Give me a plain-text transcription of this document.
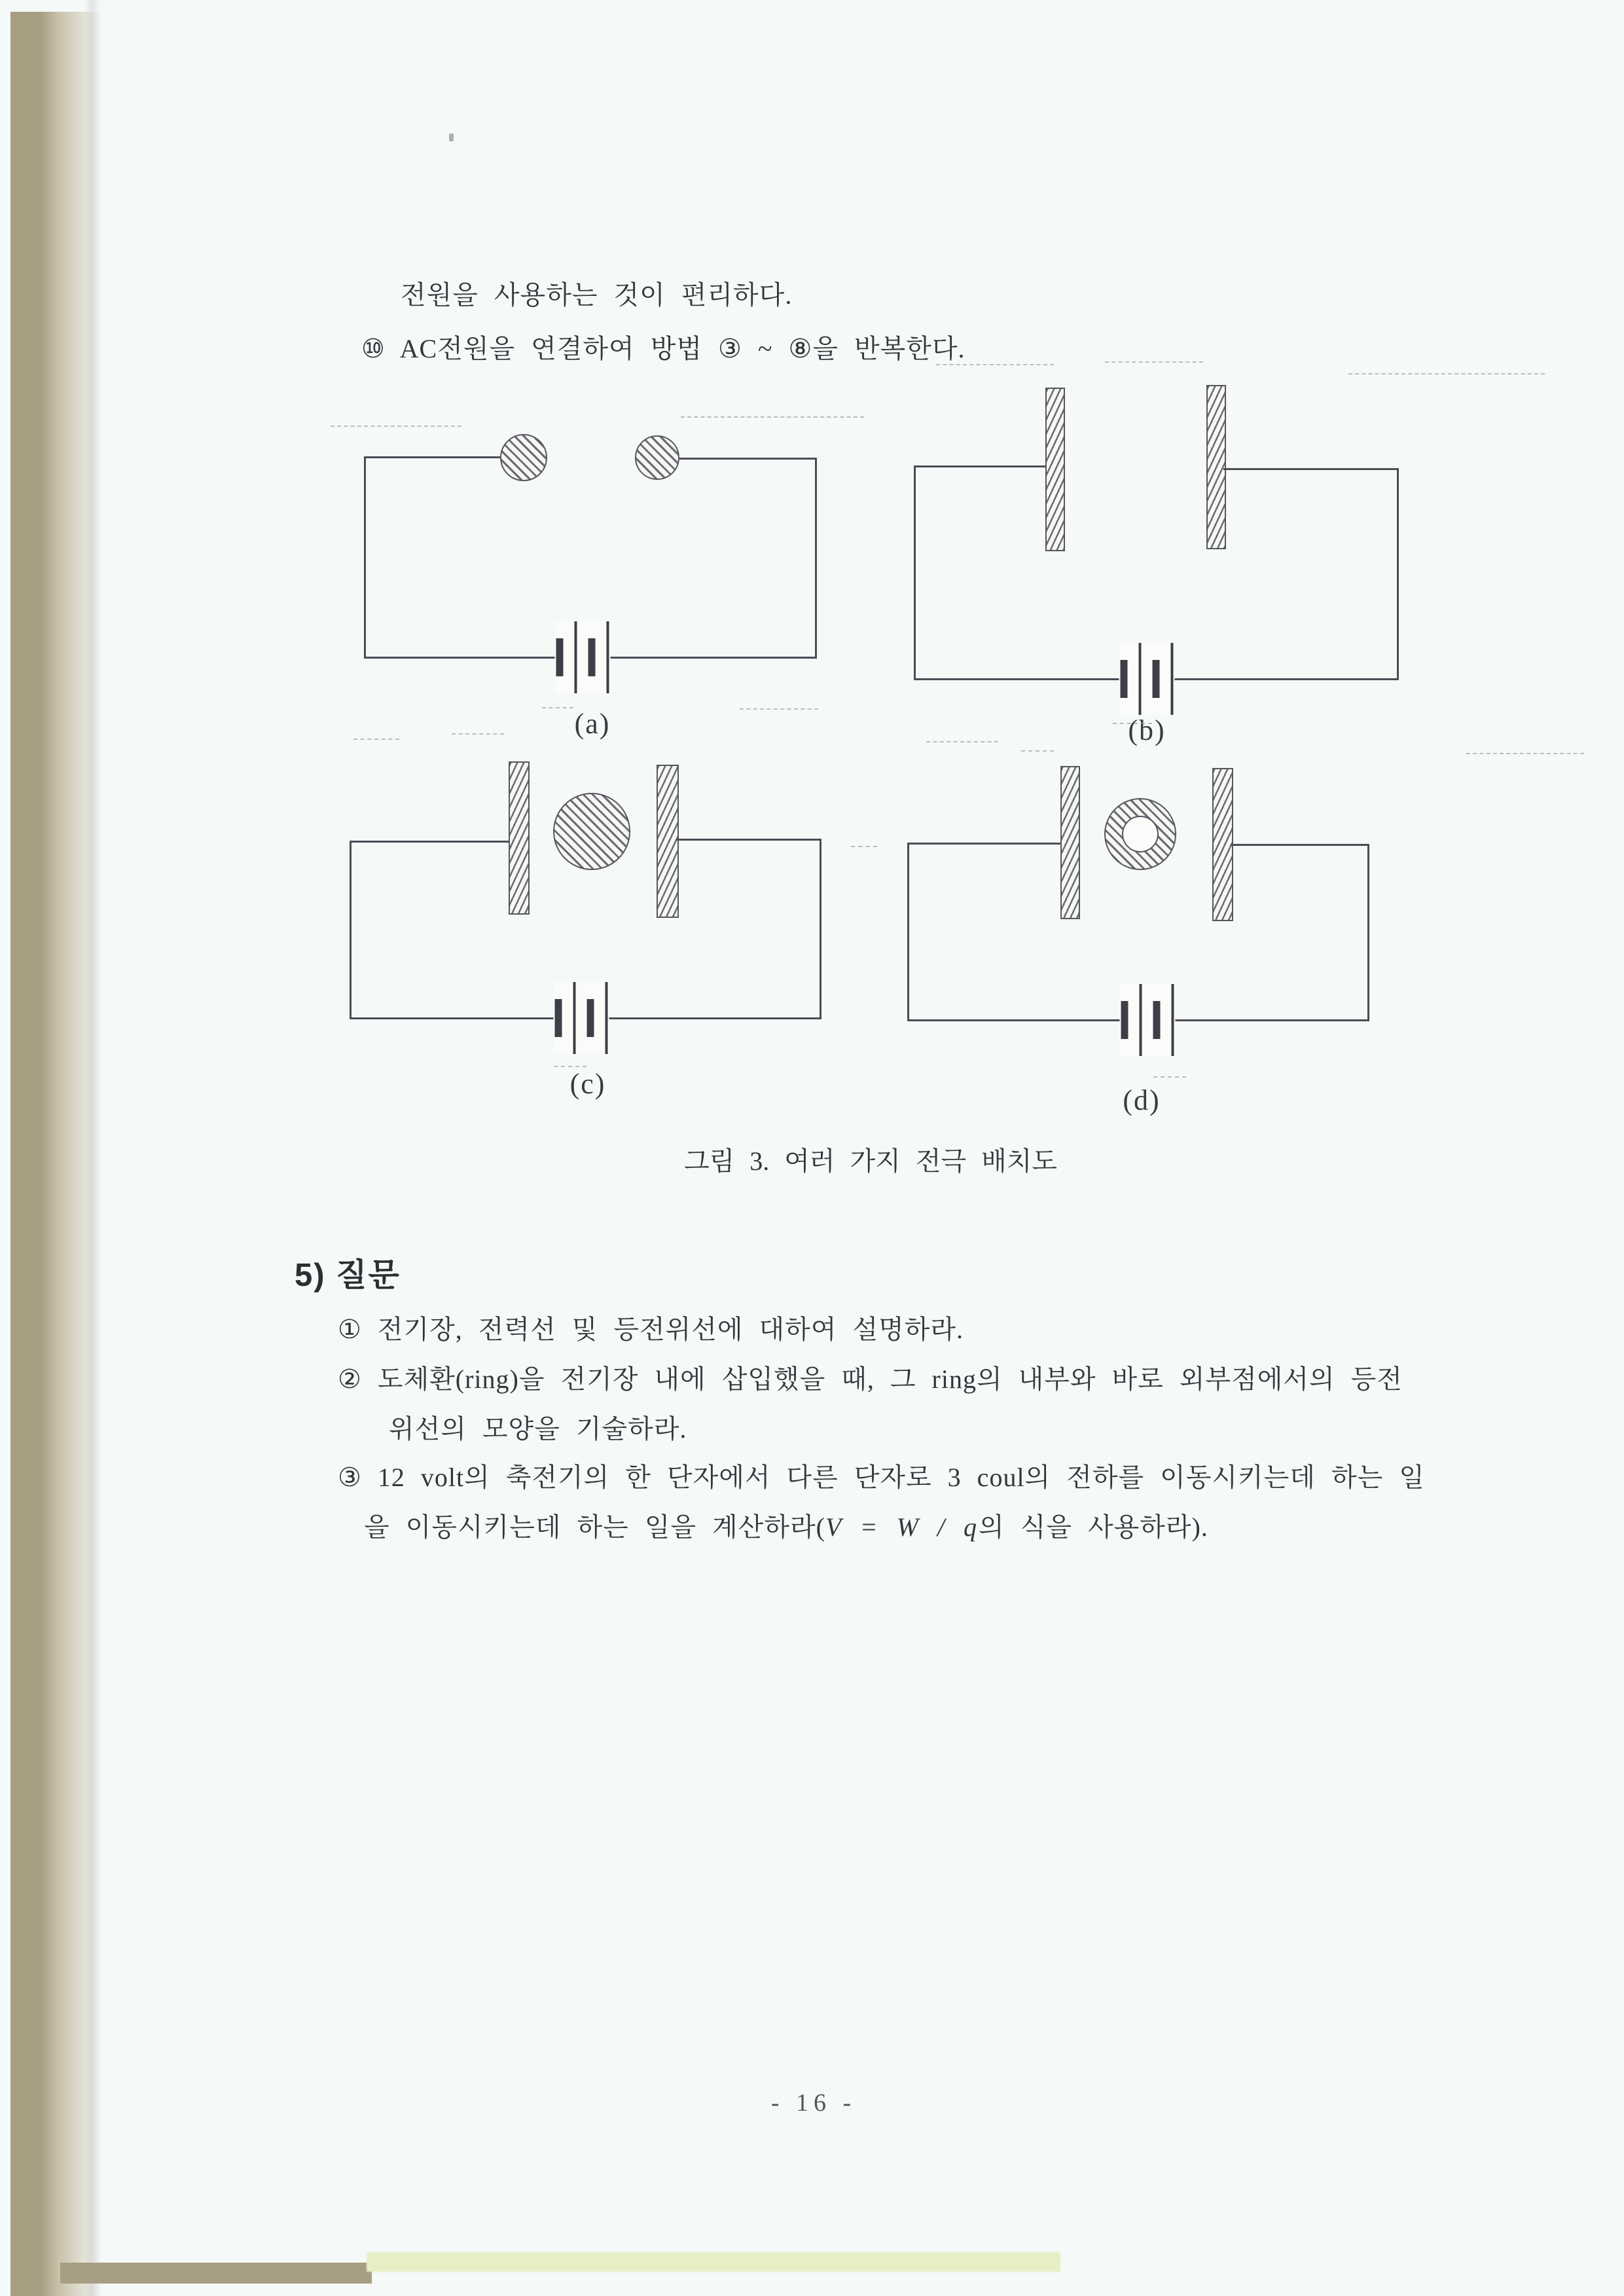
전원을 사용하는 것이 편리하다.

⑩ AC전원을 연결하여 방법 ③ ~ ⑧을 반복한다.

(a)	(b)
(c)
(d)

그림 3. 여러 가지 전극 배치도

5) 질문

① 전기장, 전력선 및 등전위선에 대하여 설명하라.

② 도체환(ring)을 전기장 내에 삽입했을 때, 그 ring의 내부와 바로 외부점에서의 등전

위선의 모양을 기술하라.

③ 12 volt의 축전기의 한 단자에서 다른 단자로 3 coul의 전하를 이동시키는데 하는 일

을 이동시키는데 하는 일을 계산하라(V = W / q의 식을 사용하라).

- 16 -
